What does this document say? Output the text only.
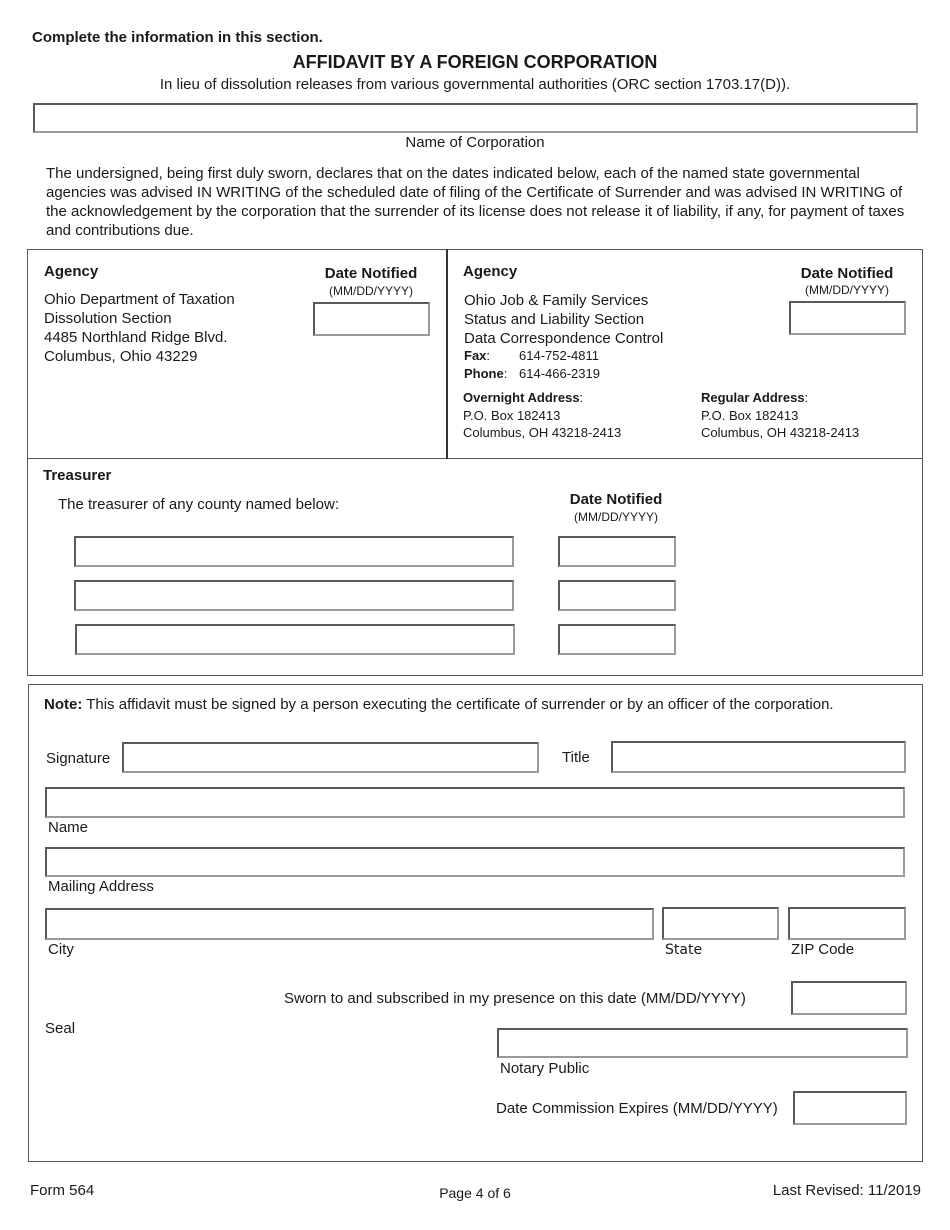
Complete the information in this section.
AFFIDAVIT BY A FOREIGN CORPORATION
In lieu of dissolution releases from various governmental authorities (ORC section 1703.17(D)).
Name of Corporation
The undersigned, being first duly sworn, declares that on the dates indicated below, each of the named state governmental agencies was advised IN WRITING of the scheduled date of filing of the Certificate of Surrender and was advised IN WRITING of the acknowledgement by the corporation that the surrender of its license does not release it of liability, if any, for payment of taxes and contributions due.
Agency
Ohio Department of Taxation
Dissolution Section
4485 Northland Ridge Blvd.
Columbus, Ohio 43229
Date Notified
(MM/DD/YYYY)
Agency
Ohio Job & Family Services
Status and Liability Section
Data Correspondence Control
Fax: 614-752-4811
Phone: 614-466-2319
Overnight Address:
P.O. Box 182413
Columbus, OH 43218-2413
Regular Address:
P.O. Box 182413
Columbus, OH 43218-2413
Date Notified
(MM/DD/YYYY)
Treasurer
The treasurer of any county named below:	Date Notified
(MM/DD/YYYY)
Note: This affidavit must be signed by a person executing the certificate of surrender or by an officer of the corporation.
Signature	Title
Name
Mailing Address
City	State	ZIP Code
Sworn to and subscribed in my presence on this date (MM/DD/YYYY)
Seal
Notary Public
Date Commission Expires (MM/DD/YYYY)
Form 564	Page 4 of 6	Last Revised: 11/2019
